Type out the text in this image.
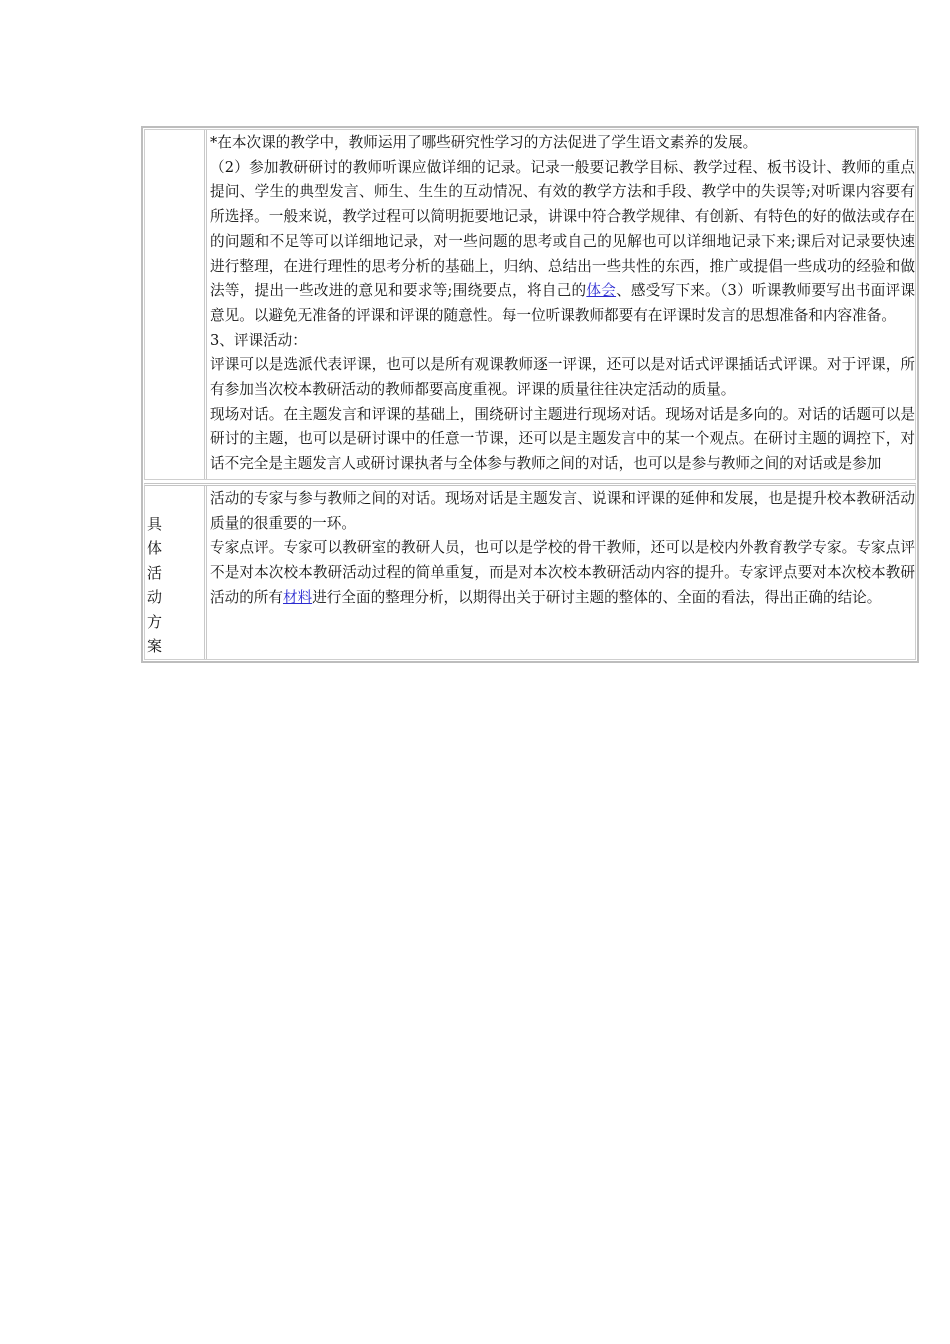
*在本次课的教学中，教师运用了哪些研究性学习的方法促进了学生语文素养的发展。

（2）参加教研研讨的教师听课应做详细的记录。记录一般要记教学目标、教学过程、板书设计、教师的重点提问、学生的典型发言、师生、生生的互动情况、有效的教学方法和手段、教学中的失误等;对听课内容要有所选择。一般来说，教学过程可以简明扼要地记录，讲课中符合教学规律、有创新、有特色的好的做法或存在的问题和不足等可以详细地记录，对一些问题的思考或自己的见解也可以详细地记录下来;课后对记录要快速进行整理，在进行理性的思考分析的基础上，归纳、总结出一些共性的东西，推广或提倡一些成功的经验和做法等，提出一些改进的意见和要求等;围绕要点，将自己的体会、感受写下来。（3）听课教师要写出书面评课意见。以避免无准备的评课和评课的随意性。每一位听课教师都要有在评课时发言的思想准备和内容准备。

3、评课活动：

评课可以是选派代表评课，也可以是所有观课教师逐一评课，还可以是对话式评课插话式评课。对于评课，所有参加当次校本教研活动的教师都要高度重视。评课的质量往往决定活动的质量。

现场对话。在主题发言和评课的基础上，围绕研讨主题进行现场对话。现场对话是多向的。对话的话题可以是研讨的主题，也可以是研讨课中的任意一节课，还可以是主题发言中的某一个观点。在研讨主题的调控下，对话不完全是主题发言人或研讨课执者与全体参与教师之间的对话，也可以是参与教师之间的对话或是参加

具
体
活
动
方
案

活动的专家与参与教师之间的对话。现场对话是主题发言、说课和评课的延伸和发展，也是提升校本教研活动质量的很重要的一环。

专家点评。专家可以教研室的教研人员，也可以是学校的骨干教师，还可以是校内外教育教学专家。专家点评不是对本次校本教研活动过程的简单重复，而是对本次校本教研活动内容的提升。专家评点要对本次校本教研活动的所有材料进行全面的整理分析，以期得出关于研讨主题的整体的、全面的看法，得出正确的结论。
